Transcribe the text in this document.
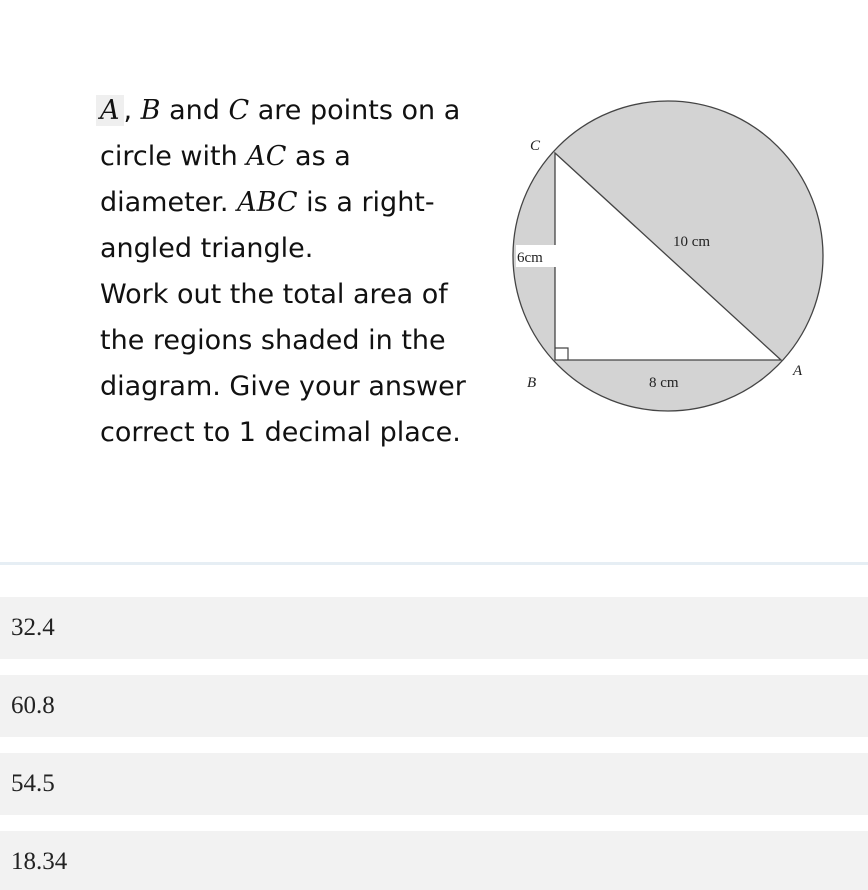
A , B and C are points on a
circle with AC as a
diameter. ABC is a right-
angled triangle.
Work out the total area of
the regions shaded in the
diagram. Give your answer
correct to 1 decimal place.
C
B
A
6cm
8 cm
10 cm
32.4
60.8
54.5
18.34
